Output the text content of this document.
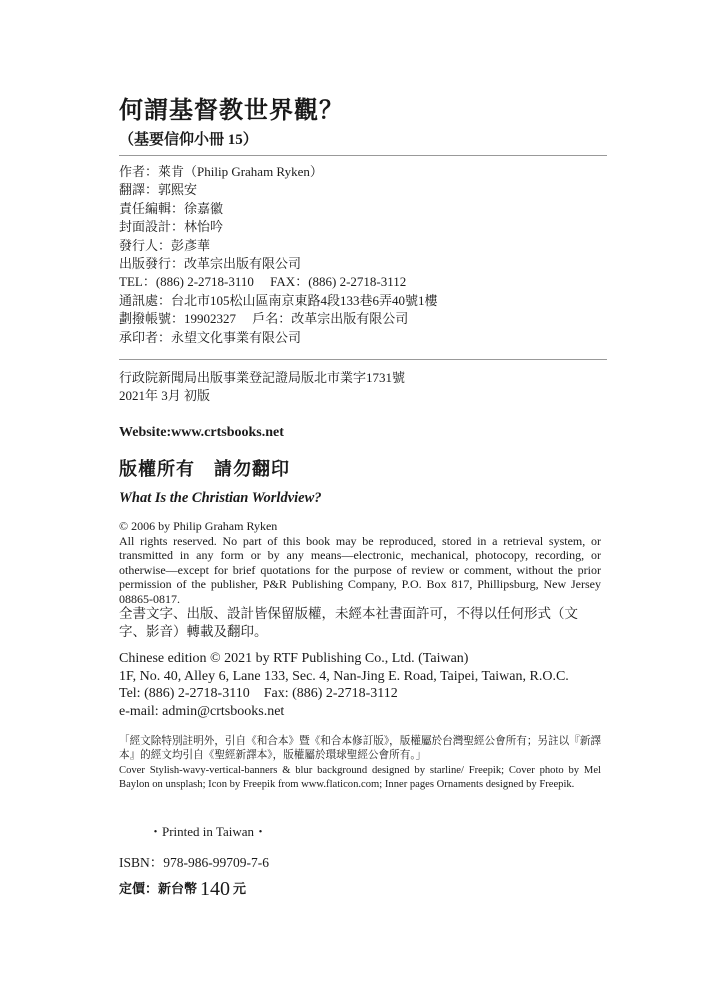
何謂基督教世界觀？
（基要信仰小冊 15）
作者：萊肯（Philip Graham Ryken）
翻譯：郭熙安
責任編輯：徐嘉徽
封面設計：林怡吟
發行人：彭彥華
出版發行：改革宗出版有限公司
TEL：(886) 2-2718-3110　 FAX：(886) 2-2718-3112
通訊處：台北市105松山區南京東路4段133巷6弄40號1樓
劃撥帳號：19902327　 戶名：改革宗出版有限公司
承印者：永望文化事業有限公司
行政院新聞局出版事業登記證局版北市業字1731號
2021年 3月 初版
Website:www.crtsbooks.net
版權所有　請勿翻印
What Is the Christian Worldview?
© 2006 by Philip Graham Ryken
All rights reserved. No part of this book may be reproduced, stored in a retrieval system, or transmitted in any form or by any means—electronic, mechanical, photocopy, recording, or otherwise—except for brief quotations for the purpose of review or comment, without the prior permission of the publisher, P&R Publishing Company, P.O. Box 817, Phillipsburg, New Jersey 08865-0817.
全書文字、出版、設計皆保留版權，未經本社書面許可，不得以任何形式（文字、影音）轉載及翻印。
Chinese edition © 2021 by RTF Publishing Co., Ltd. (Taiwan)
1F, No. 40, Alley 6, Lane 133, Sec. 4, Nan-Jing E. Road, Taipei, Taiwan, R.O.C.
Tel: (886) 2-2718-3110　Fax: (886) 2-2718-3112
e-mail: admin@crtsbooks.net
「經文除特別註明外，引自《和合本》暨《和合本修訂版》，版權屬於台灣聖經公會所有；另註以『新譯本』的經文均引自《聖經新譯本》，版權屬於環球聖經公會所有。」
Cover Stylish-wavy-vertical-banners & blur background designed by starline/ Freepik; Cover photo by Mel Baylon on unsplash; Icon by Freepik from www.flaticon.com; Inner pages Ornaments designed by Freepik.
・Printed in Taiwan・
ISBN：978-986-99709-7-6
定價：新台幣 140 元
